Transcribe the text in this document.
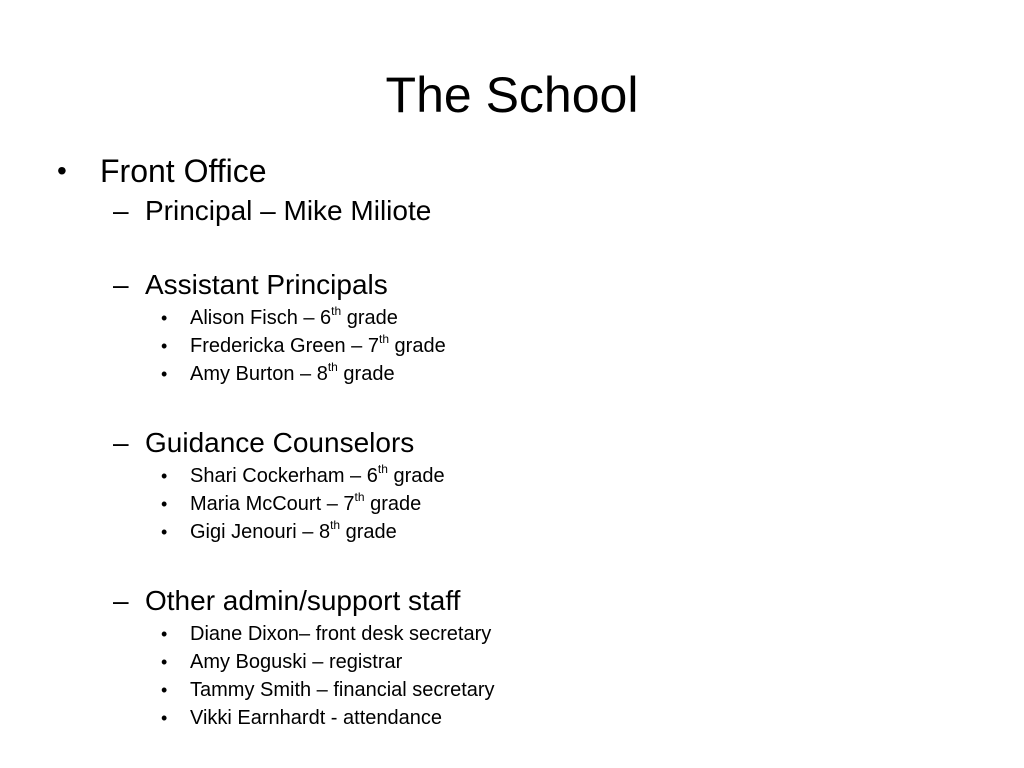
The School
• Front Office
– Principal – Mike Miliote
– Assistant Principals
• Alison Fisch – 6th grade
• Fredericka Green – 7th grade
• Amy Burton – 8th grade
– Guidance Counselors
• Shari Cockerham – 6th grade
• Maria McCourt – 7th grade
• Gigi Jenouri – 8th grade
– Other admin/support staff
• Diane Dixon– front desk secretary
• Amy Boguski – registrar
• Tammy Smith – financial secretary
• Vikki Earnhardt - attendance
